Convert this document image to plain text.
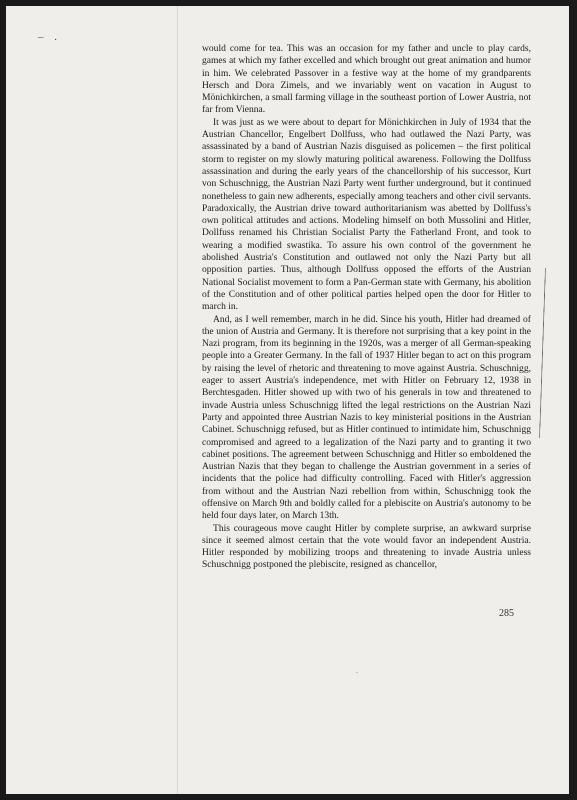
– .
.

would come for tea. This was an occasion for my father and uncle to play cards, games at which my father excelled and which brought out great animation and humor in him. We celebrated Passover in a festive way at the home of my grandparents Hersch and Dora Zimels, and we invariably went on vacation in August to Mönichkirchen, a small farming village in the southeast portion of Lower Austria, not far from Vienna.

It was just as we were about to depart for Mönichkirchen in July of 1934 that the Austrian Chancellor, Engelbert Dollfuss, who had outlawed the Nazi Party, was assassinated by a band of Austrian Nazis disguised as policemen – the first political storm to register on my slowly maturing political awareness. Following the Dollfuss assassination and during the early years of the chancellorship of his successor, Kurt von Schuschnigg, the Austrian Nazi Party went further underground, but it continued nonetheless to gain new adherents, especially among teachers and other civil servants. Paradoxically, the Austrian drive toward authoritarianism was abetted by Dollfuss's own political attitudes and actions. Modeling himself on both Mussolini and Hitler, Dollfuss renamed his Christian Socialist Party the Fatherland Front, and took to wearing a modified swastika. To assure his own control of the government he abolished Austria's Constitution and outlawed not only the Nazi Party but all opposition parties. Thus, although Dollfuss opposed the efforts of the Austrian National Socialist movement to form a Pan-German state with Germany, his abolition of the Constitution and of other political parties helped open the door for Hitler to march in.

And, as I well remember, march in he did. Since his youth, Hitler had dreamed of the union of Austria and Germany. It is therefore not surprising that a key point in the Nazi program, from its beginning in the 1920s, was a merger of all German-speaking people into a Greater Germany. In the fall of 1937 Hitler began to act on this program by raising the level of rhetoric and threatening to move against Austria. Schuschnigg, eager to assert Austria's independence, met with Hitler on February 12, 1938 in Berchtesgaden. Hitler showed up with two of his generals in tow and threatened to invade Austria unless Schuschnigg lifted the legal restrictions on the Austrian Nazi Party and appointed three Austrian Nazis to key ministerial positions in the Austrian Cabinet. Schuschnigg refused, but as Hitler continued to intimidate him, Schuschnigg compromised and agreed to a legalization of the Nazi party and to granting it two cabinet positions. The agreement between Schuschnigg and Hitler so emboldened the Austrian Nazis that they began to challenge the Austrian government in a series of incidents that the police had difficulty controlling. Faced with Hitler's aggression from without and the Austrian Nazi rebellion from within, Schuschnigg took the offensive on March 9th and boldly called for a plebiscite on Austria's autonomy to be held four days later, on March 13th.

This courageous move caught Hitler by complete surprise, an awkward surprise since it seemed almost certain that the vote would favor an independent Austria. Hitler responded by mobilizing troops and threatening to invade Austria unless Schuschnigg postponed the plebiscite, resigned as chancellor,

285
